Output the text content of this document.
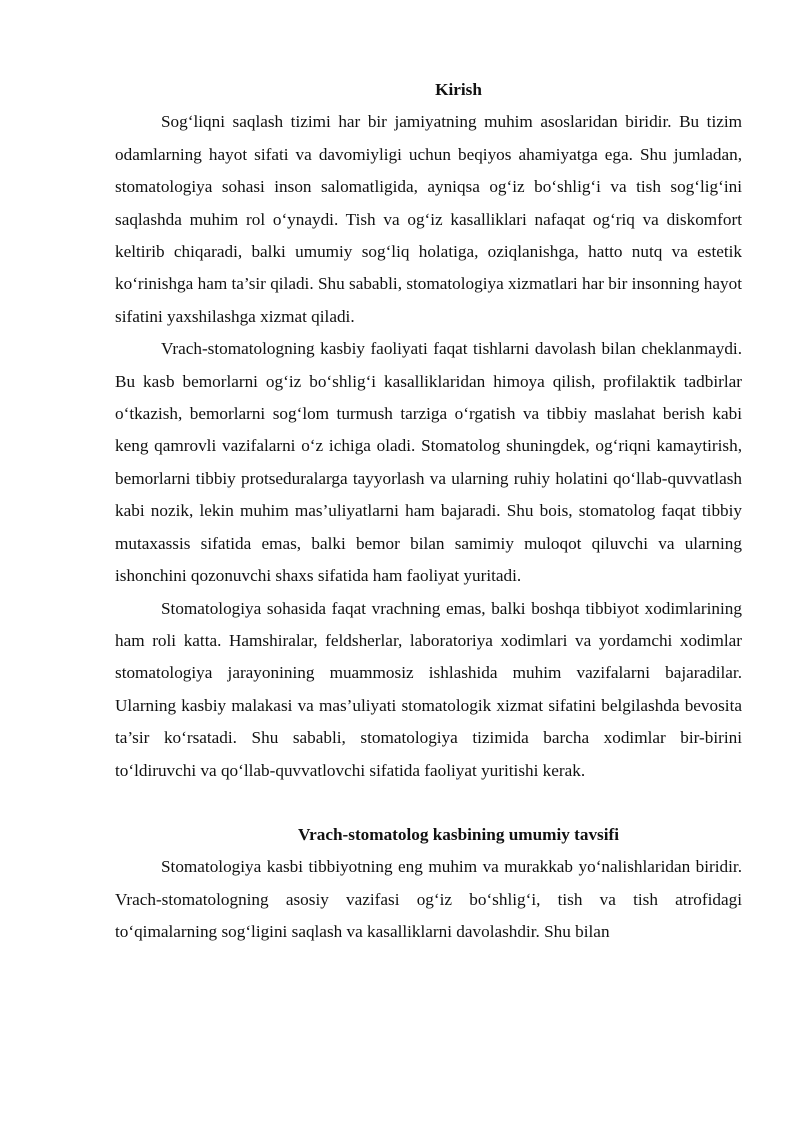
Kirish

Sog‘liqni saqlash tizimi har bir jamiyatning muhim asoslaridan biridir. Bu tizim odamlarning hayot sifati va davomiyligi uchun beqiyos ahamiyatga ega. Shu jumladan, stomatologiya sohasi inson salomatligida, ayniqsa og‘iz bo‘shlig‘i va tish sog‘lig‘ini saqlashda muhim rol o‘ynaydi. Tish va og‘iz kasalliklari nafaqat og‘riq va diskomfort keltirib chiqaradi, balki umumiy sog‘liq holatiga, oziqlanishga, hatto nutq va estetik ko‘rinishga ham ta’sir qiladi. Shu sababli, stomatologiya xizmatlari har bir insonning hayot sifatini yaxshilashga xizmat qiladi.

Vrach-stomatologning kasbiy faoliyati faqat tishlarni davolash bilan cheklanmaydi. Bu kasb bemorlarni og‘iz bo‘shlig‘i kasalliklaridan himoya qilish, profilaktik tadbirlar o‘tkazish, bemorlarni sog‘lom turmush tarziga o‘rgatish va tibbiy maslahat berish kabi keng qamrovli vazifalarni o‘z ichiga oladi. Stomatolog shuningdek, og‘riqni kamaytirish, bemorlarni tibbiy protseduralarga tayyorlash va ularning ruhiy holatini qo‘llab-quvvatlash kabi nozik, lekin muhim mas’uliyatlarni ham bajaradi. Shu bois, stomatolog faqat tibbiy mutaxassis sifatida emas, balki bemor bilan samimiy muloqot qiluvchi va ularning ishonchini qozonuvchi shaxs sifatida ham faoliyat yuritadi.

Stomatologiya sohasida faqat vrachning emas, balki boshqa tibbiyot xodimlarining ham roli katta. Hamshiralar, feldsherlar, laboratoriya xodimlari va yordamchi xodimlar stomatologiya jarayonining muammosiz ishlashida muhim vazifalarni bajaradilar. Ularning kasbiy malakasi va mas’uliyati stomatologik xizmat sifatini belgilashda bevosita ta’sir ko‘rsatadi. Shu sababli, stomatologiya tizimida barcha xodimlar bir-birini to‘ldiruvchi va qo‘llab-quvvatlovchi sifatida faoliyat yuritishi kerak.

Vrach-stomatolog kasbining umumiy tavsifi

Stomatologiya kasbi tibbiyotning eng muhim va murakkab yo‘nalishlaridan biridir. Vrach-stomatologning asosiy vazifasi og‘iz bo‘shlig‘i, tish va tish atrofidagi to‘qimalarning sog‘ligini saqlash va kasalliklarni davolashdir. Shu bilan
